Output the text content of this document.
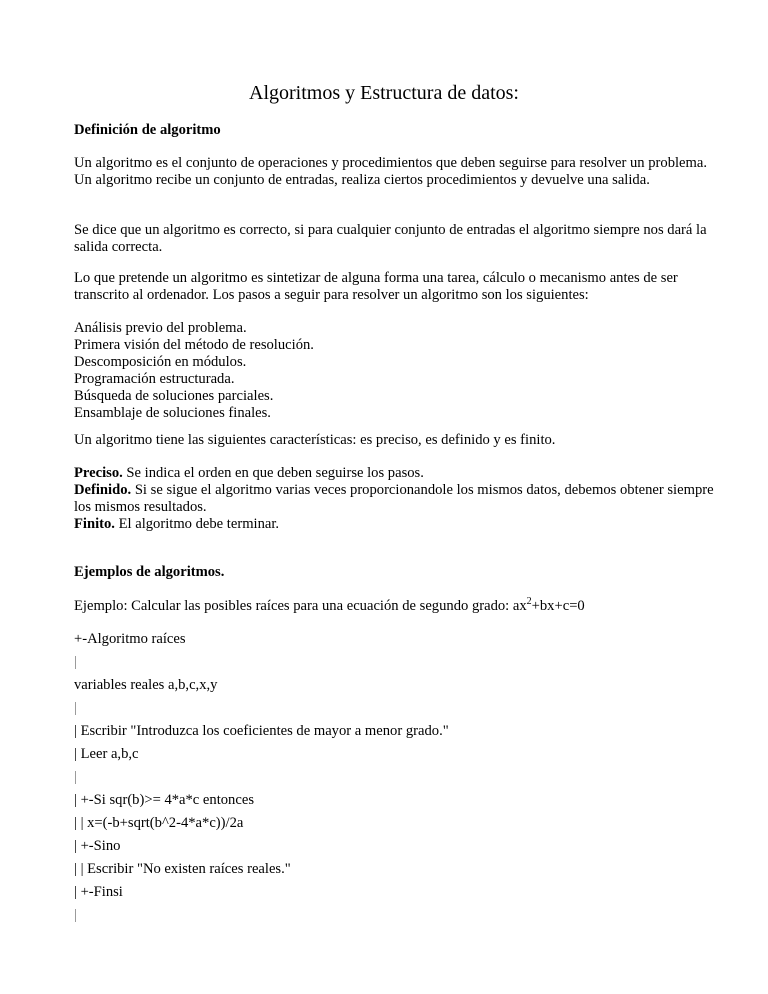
Algoritmos y Estructura de datos:

Definición de algoritmo

Un algoritmo es el conjunto de operaciones y procedimientos que deben seguirse para resolver un problema. Un algoritmo recibe un conjunto de entradas, realiza ciertos procedimientos y devuelve una salida.

Se dice que un algoritmo es correcto, si para cualquier conjunto de entradas el algoritmo siempre nos dará la salida correcta.

Lo que pretende un algoritmo es sintetizar de alguna forma una tarea, cálculo o mecanismo antes de ser transcrito al ordenador. Los pasos a seguir para resolver un algoritmo son los siguientes:

Análisis previo del problema.
Primera visión del método de resolución.
Descomposición en módulos.
Programación estructurada.
Búsqueda de soluciones parciales.
Ensamblaje de soluciones finales.

Un algoritmo tiene las siguientes características: es preciso, es definido y es finito.

Preciso. Se indica el orden en que deben seguirse los pasos.
Definido. Si se sigue el algoritmo varias veces proporcionandole los mismos datos, debemos obtener siempre los mismos resultados.
Finito. El algoritmo debe terminar.

Ejemplos de algoritmos.

Ejemplo: Calcular las posibles raíces para una ecuación de segundo grado: $ax^2+bx+c=0$

+-Algoritmo raíces
|
variables reales a,b,c,x,y
|
| Escribir "Introduzca los coeficientes de mayor a menor grado."
| Leer a,b,c
|
| +-Si sqr(b)>= 4*a*c entonces
| | x=(-b+sqrt(b^2-4*a*c))/2a
| +-Sino
| | Escribir "No existen raíces reales."
| +-Finsi
|
